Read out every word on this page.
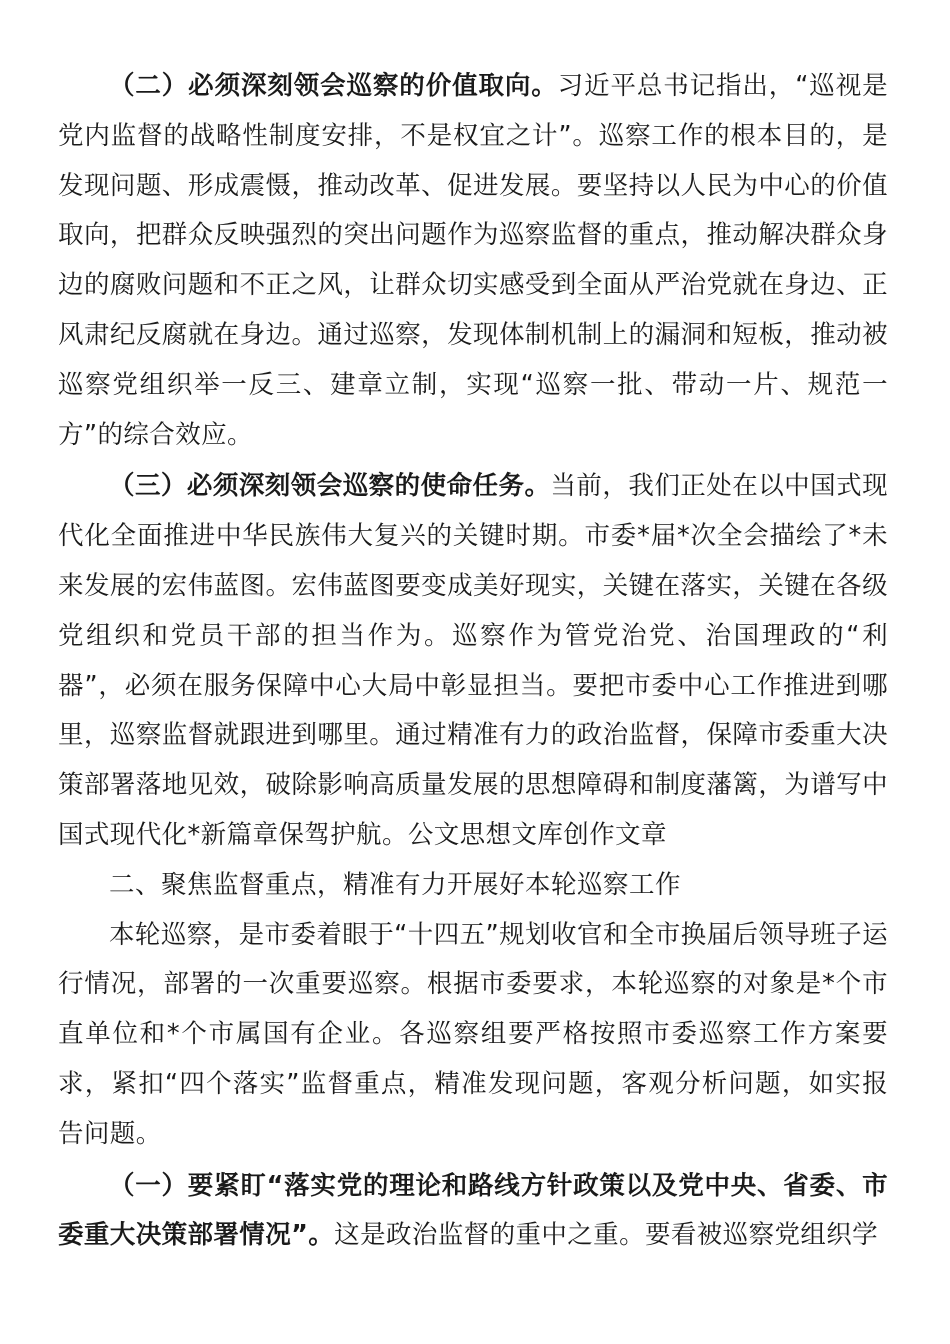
（二）必须深刻领会巡察的价值取向。习近平总书记指出，“巡视是党内监督的战略性制度安排，不是权宜之计”。巡察工作的根本目的，是发现问题、形成震慑，推动改革、促进发展。要坚持以人民为中心的价值取向，把群众反映强烈的突出问题作为巡察监督的重点，推动解决群众身边的腐败问题和不正之风，让群众切实感受到全面从严治党就在身边、正风肃纪反腐就在身边。通过巡察，发现体制机制上的漏洞和短板，推动被巡察党组织举一反三、建章立制，实现“巡察一批、带动一片、规范一方”的综合效应。

（三）必须深刻领会巡察的使命任务。当前，我们正处在以中国式现代化全面推进中华民族伟大复兴的关键时期。市委*届*次全会描绘了*未来发展的宏伟蓝图。宏伟蓝图要变成美好现实，关键在落实，关键在各级党组织和党员干部的担当作为。巡察作为管党治党、治国理政的“利器”，必须在服务保障中心大局中彰显担当。要把市委中心工作推进到哪里，巡察监督就跟进到哪里。通过精准有力的政治监督，保障市委重大决策部署落地见效，破除影响高质量发展的思想障碍和制度藩篱，为谱写中国式现代化*新篇章保驾护航。公文思想文库创作文章

二、聚焦监督重点，精准有力开展好本轮巡察工作

本轮巡察，是市委着眼于“十四五”规划收官和全市换届后领导班子运行情况，部署的一次重要巡察。根据市委要求，本轮巡察的对象是*个市直单位和*个市属国有企业。各巡察组要严格按照市委巡察工作方案要求，紧扣“四个落实”监督重点，精准发现问题，客观分析问题，如实报告问题。

（一）要紧盯“落实党的理论和路线方针政策以及党中央、省委、市委重大决策部署情况”。这是政治监督的重中之重。要看被巡察党组织学
